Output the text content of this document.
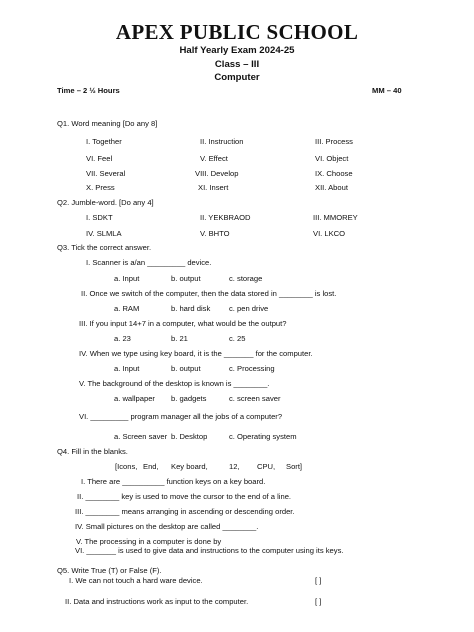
APEX PUBLIC SCHOOL
Half Yearly Exam 2024-25
Class – III
Computer
Time – 2 ½ Hours	MM – 40
Q1. Word meaning [Do any 8]
I. Together	II. Instruction	III. Process
VI. Feel	V. Effect	VI. Object
VII. Several	VIII. Develop	IX. Choose
X. Press	XI. Insert	XII. About
Q2. Jumble-word. [Do any 4]
I. SDKT	II. YEKBRAOD	III. MMOREY
IV. SLMLA	V. BHTO	VI. LKCO
Q3. Tick the correct answer.
I. Scanner is a/an _________ device.
a. Input	b. output	c. storage
II. Once we switch of the computer, then the data stored in ________ is lost.
a. RAM	b. hard disk c. pen drive
III. If you input 14+7 in a computer, what would be the output?
a. 23	b. 21	c. 25
IV. When we type using key board, it is the _______ for the computer.
a. Input	b. output	c. Processing
V. The background of the desktop is known is ________.
a. wallpaper b. gadgets	c. screen saver
VI. _________ program manager all the jobs of a computer?
a. Screen saver b. Desktop	c. Operating system
Q4. Fill in the blanks.
[Icons, End, Key board,	12, CPU, Sort]
I. There are __________ function keys on a key board.
II. ________ key is used to move the cursor to the end of a line.
III. ________ means arranging in ascending or descending order.
IV. Small pictures on the desktop are called ________.
V. The processing in a computer is done by
VI. _______ is used to give data and instructions to the computer using its keys.
Q5. Write True (T) or False (F).
I. We can not touch a hard ware device.	[ ]
II. Data and instructions work as input to the computer.	[ ]
